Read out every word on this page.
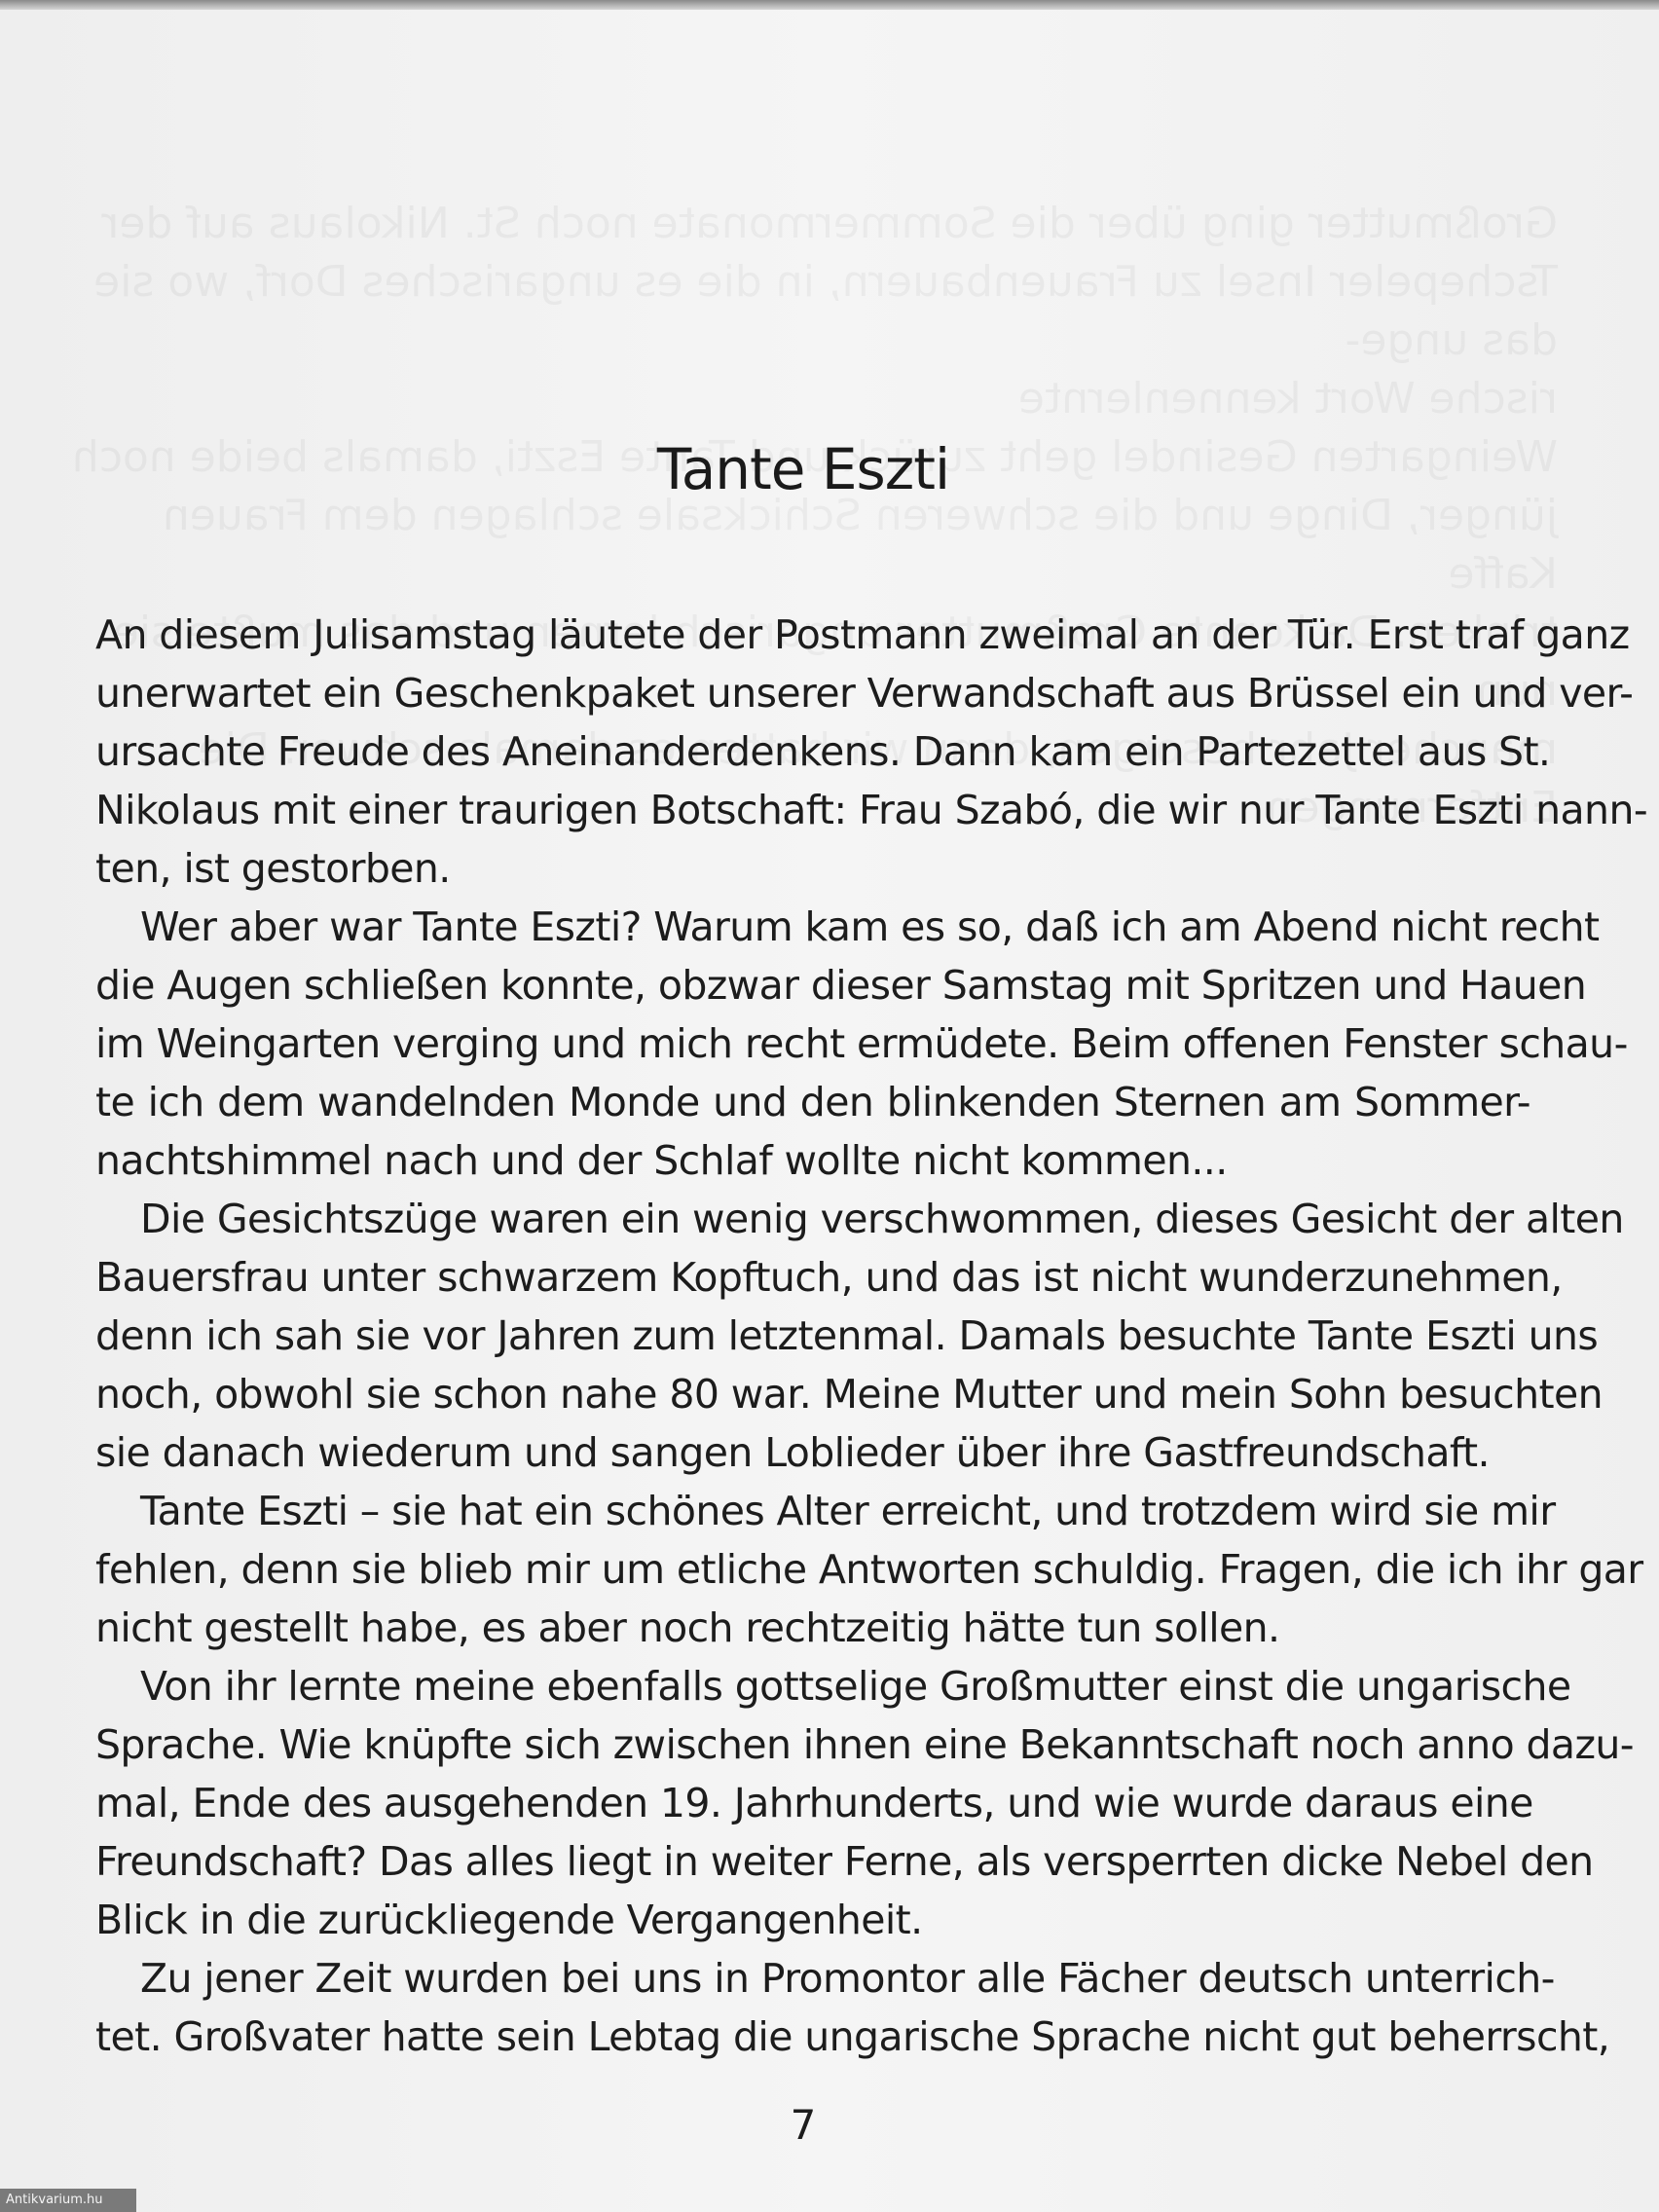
Tante Eszti
An diesem Julisamstag läutete der Postmann zweimal an der Tür. Erst traf ganz
unerwartet ein Geschenkpaket unserer Verwandschaft aus Brüssel ein und ver-
ursachte Freude des Aneinanderdenkens. Dann kam ein Partezettel aus St.
Nikolaus mit einer traurigen Botschaft: Frau Szabó, die wir nur Tante Eszti nann-
ten, ist gestorben.
Wer aber war Tante Eszti? Warum kam es so, daß ich am Abend nicht recht
die Augen schließen konnte, obzwar dieser Samstag mit Spritzen und Hauen
im Weingarten verging und mich recht ermüdete. Beim offenen Fenster schau-
te ich dem wandelnden Monde und den blinkenden Sternen am Sommer-
nachtshimmel nach und der Schlaf wollte nicht kommen...
Die Gesichtszüge waren ein wenig verschwommen, dieses Gesicht der alten
Bauersfrau unter schwarzem Kopftuch, und das ist nicht wunderzunehmen,
denn ich sah sie vor Jahren zum letztenmal. Damals besuchte Tante Eszti uns
noch, obwohl sie schon nahe 80 war. Meine Mutter und mein Sohn besuchten
sie danach wiederum und sangen Loblieder über ihre Gastfreundschaft.
Tante Eszti – sie hat ein schönes Alter erreicht, und trotzdem wird sie mir
fehlen, denn sie blieb mir um etliche Antworten schuldig. Fragen, die ich ihr gar
nicht gestellt habe, es aber noch rechtzeitig hätte tun sollen.
Von ihr lernte meine ebenfalls gottselige Großmutter einst die ungarische
Sprache. Wie knüpfte sich zwischen ihnen eine Bekanntschaft noch anno dazu-
mal, Ende des ausgehenden 19. Jahrhunderts, und wie wurde daraus eine
Freundschaft? Das alles liegt in weiter Ferne, als versperrten dicke Nebel den
Blick in die zurückliegende Vergangenheit.
Zu jener Zeit wurden bei uns in Promontor alle Fächer deutsch unterrich-
tet. Großvater hatte sein Lebtag die ungarische Sprache nicht gut beherrscht,
7
Antikvarium.hu
